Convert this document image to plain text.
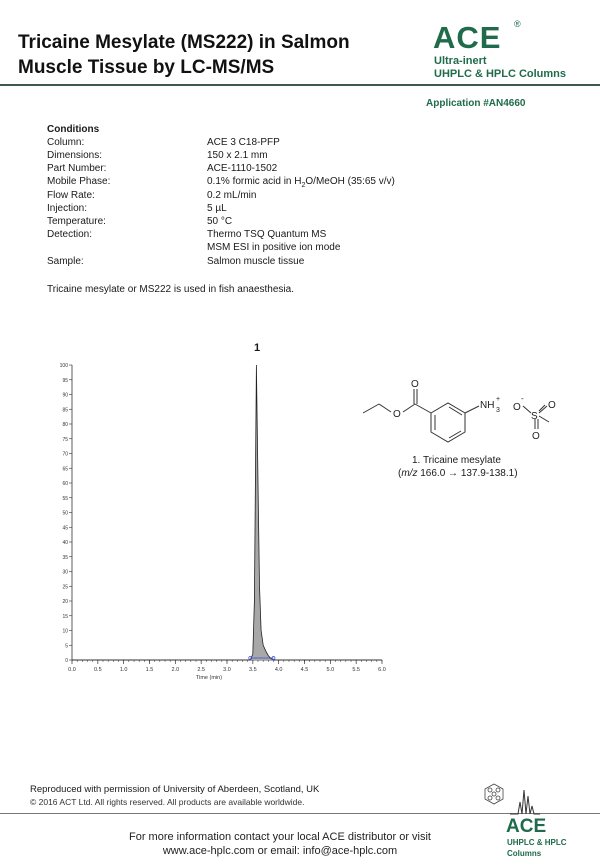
Tricaine Mesylate (MS222) in Salmon
Muscle Tissue by LC-MS/MS
ACE ®
Ultra-inert
UHPLC & HPLC Columns
Application #AN4660
Conditions
Column:	ACE 3 C18-PFP
Dimensions:	150 x 2.1 mm
Part Number:	ACE-1110-1502
Mobile Phase:	0.1% formic acid in $H_2O$/MeOH (35:65 v/v)
Flow Rate:	0.2 mL/min
Injection:	5 µL
Temperature:	50 °C
Detection:	Thermo TSQ Quantum MS
MSM ESI in positive ion mode
Sample:	Salmon muscle tissue
Tricaine mesylate or MS222 is used in fish anaesthesia.
1
0
5
10
15
20
25
30
35
40
45
50
55
60
65
70
75
80
85
90
95
100
0.0	0.5	1.0	1.5	2.0	2.5	3.0	3.5	4.0	4.5	5.0	5.5	6.0
Time (min)
O
O
NH 3
+
O
-
S
O
O
1. Tricaine mesylate
(m/z 166.0 → 137.9-138.1)
Reproduced with permission of University of Aberdeen, Scotland, UK
© 2016 ACT Ltd. All rights reserved. All products are available worldwide.
For more information contact your local ACE distributor or visit
www.ace-hplc.com or email: info@ace-hplc.com
ACE
UHPLC & HPLC
Columns
